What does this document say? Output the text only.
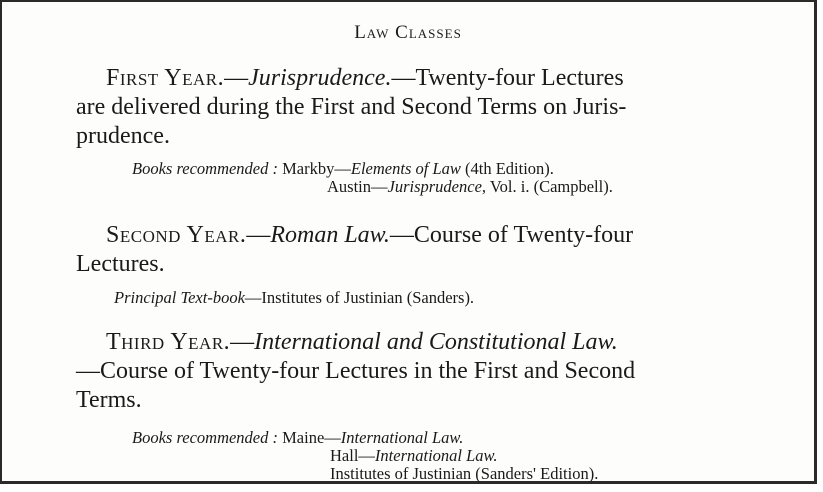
Law Classes
First Year.—Jurisprudence.—Twenty-four Lectures
are delivered during the First and Second Terms on Juris-
prudence.
Books recommended : Markby—Elements of Law (4th Edition).
Austin—Jurisprudence, Vol. i. (Campbell).
Second Year.—Roman Law.—Course of Twenty-four
Lectures.
Principal Text-book—Institutes of Justinian (Sanders).
Third Year.—International and Constitutional Law.
—Course of Twenty-four Lectures in the First and Second
Terms.
Books recommended : Maine—International Law.
Hall—International Law.
Institutes of Justinian (Sanders' Edition).
